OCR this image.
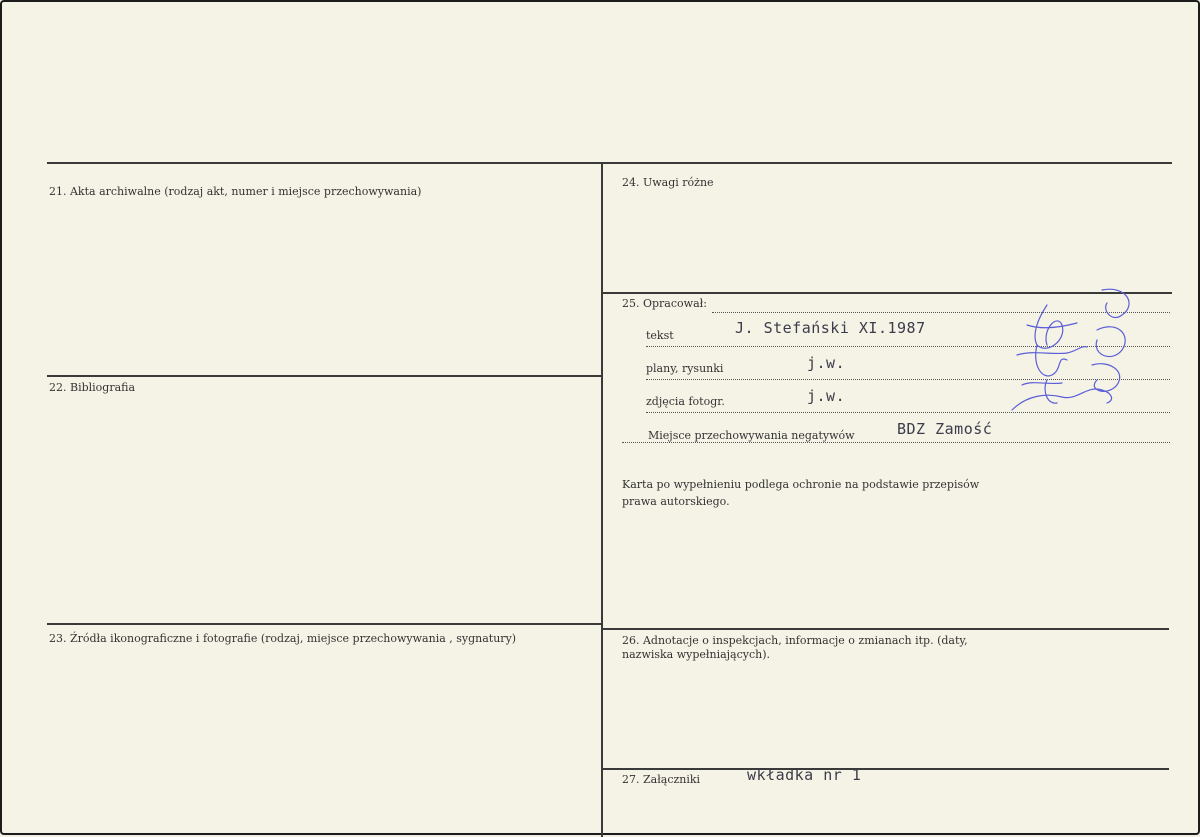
21. Akta archiwalne (rodzaj akt, numer i miejsce przechowywania)
22. Bibliografia
23. Źródła ikonograficzne i fotografie (rodzaj, miejsce przechowywania , sygnatury)
24. Uwagi różne
25. Opracował:
tekst	J. Stefański XI.1987
plany, rysunki	j.w.
zdjęcia fotogr.	j.w.
Miejsce przechowywania negatywów	BDZ Zamość
Karta po wypełnieniu podlega ochronie na podstawie przepisów
prawa autorskiego.
26. Adnotacje o inspekcjach, informacje o zmianach itp. (daty,
nazwiska wypełniających).
27. Załączniki	wkładka nr 1
